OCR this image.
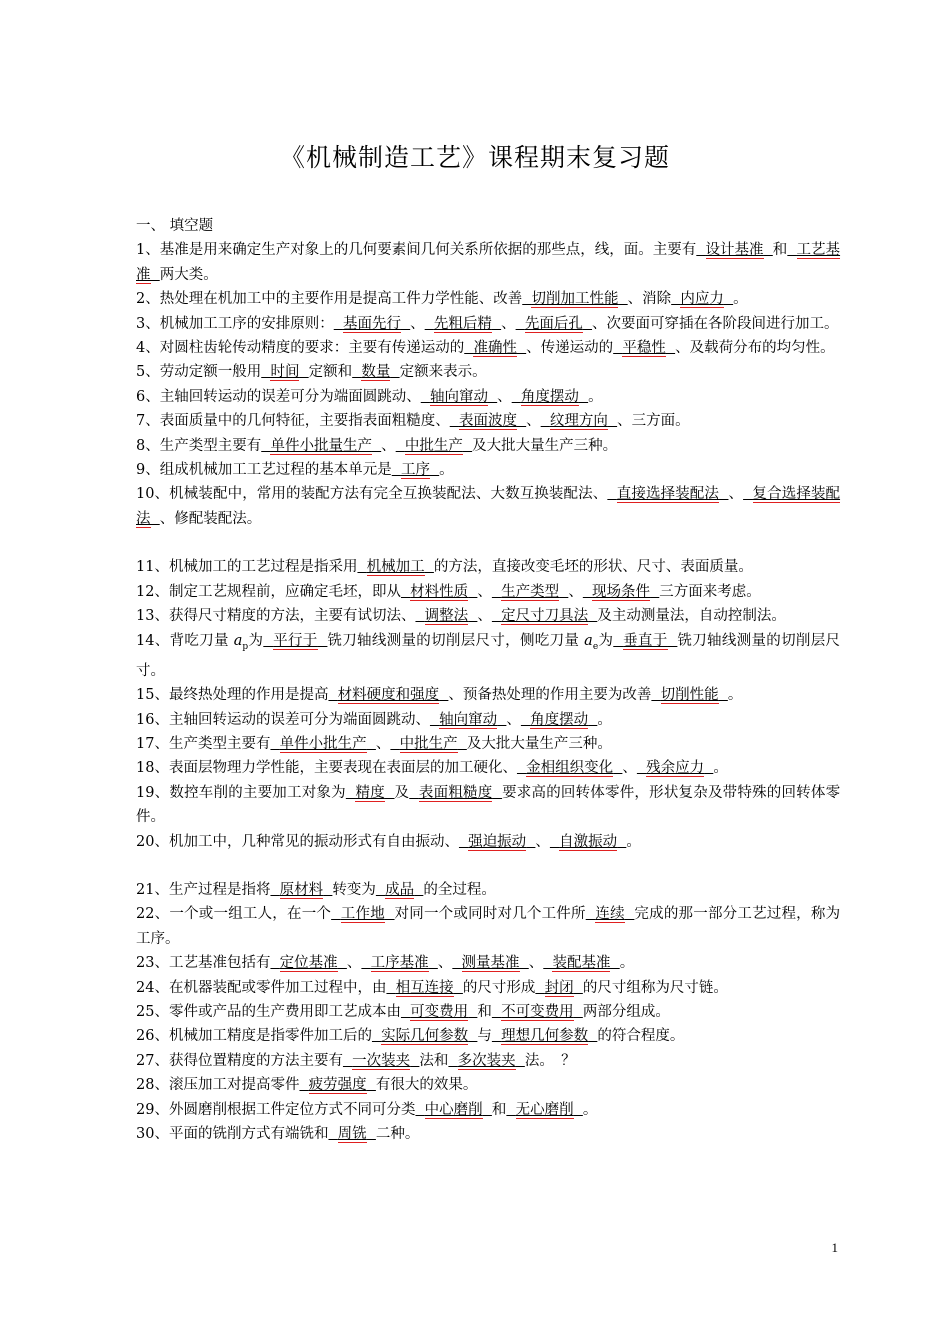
《机械制造工艺》课程期末复习题

一、 填空题

1、基准是用来确定生产对象上的几何要素间几何关系所依据的那些点，线，面。主要有 设计基准 和 工艺基准 两大类。

2、热处理在机加工中的主要作用是提高工件力学性能、改善 切削加工性能 、消除 内应力 。

3、机械加工工序的安排原则： 基面先行 、 先粗后精 、 先面后孔 、次要面可穿插在各阶段间进行加工。

4、对圆柱齿轮传动精度的要求：主要有传递运动的 准确性 、传递运动的 平稳性 、及载荷分布的均匀性。

5、劳动定额一般用 时间 定额和 数量 定额来表示。

6、主轴回转运动的误差可分为端面圆跳动、 轴向窜动 、 角度摆动 。

7、表面质量中的几何特征，主要指表面粗糙度、 表面波度 、 纹理方向 、三方面。

8、生产类型主要有 单件小批量生产 、 中批生产 及大批大量生产三种。

9、组成机械加工工艺过程的基本单元是 工序 。

10、机械装配中，常用的装配方法有完全互换装配法、大数互换装配法、 直接选择装配法 、 复合选择装配法 、修配装配法。

11、机械加工的工艺过程是指采用 机械加工 的方法，直接改变毛坯的形状、尺寸、表面质量。

12、制定工艺规程前，应确定毛坯，即从 材料性质 、 生产类型 、 现场条件 三方面来考虑。

13、获得尺寸精度的方法，主要有试切法、 调整法 、 定尺寸刀具法 及主动测量法，自动控制法。

14、背吃刀量 $a_p$为 平行于 铣刀轴线测量的切削层尺寸，侧吃刀量 $a_e$为 垂直于 铣刀轴线测量的切削层尺寸。

15、最终热处理的作用是提高 材料硬度和强度 、预备热处理的作用主要为改善 切削性能 。

16、主轴回转运动的误差可分为端面圆跳动、 轴向窜动 、 角度摆动 。

17、生产类型主要有 单件小批生产 、 中批生产 及大批大量生产三种。

18、表面层物理力学性能，主要表现在表面层的加工硬化、 金相组织变化 、 残余应力 。

19、数控车削的主要加工对象为 精度 及 表面粗糙度 要求高的回转体零件，形状复杂及带特殊的回转体零件。

20、机加工中，几种常见的振动形式有自由振动、 强迫振动 、 自激振动 。

21、生产过程是指将 原材料 转变为 成品 的全过程。

22、一个或一组工人，在一个 工作地 对同一个或同时对几个工件所 连续 完成的那一部分工艺过程，称为工序。

23、工艺基准包括有 定位基准 、 工序基准 、 测量基准 、 装配基准 。

24、在机器装配或零件加工过程中，由 相互连接 的尺寸形成 封闭 的尺寸组称为尺寸链。

25、零件或产品的生产费用即工艺成本由 可变费用 和 不可变费用 两部分组成。

26、机械加工精度是指零件加工后的 实际几何参数 与 理想几何参数 的符合程度。

27、获得位置精度的方法主要有 一次装夹 法和 多次装夹 法。　？

28、滚压加工对提高零件 疲劳强度 有很大的效果。

29、外圆磨削根据工件定位方式不同可分类 中心磨削 和 无心磨削 。

30、平面的铣削方式有端铣和 周铣 二种。

1
